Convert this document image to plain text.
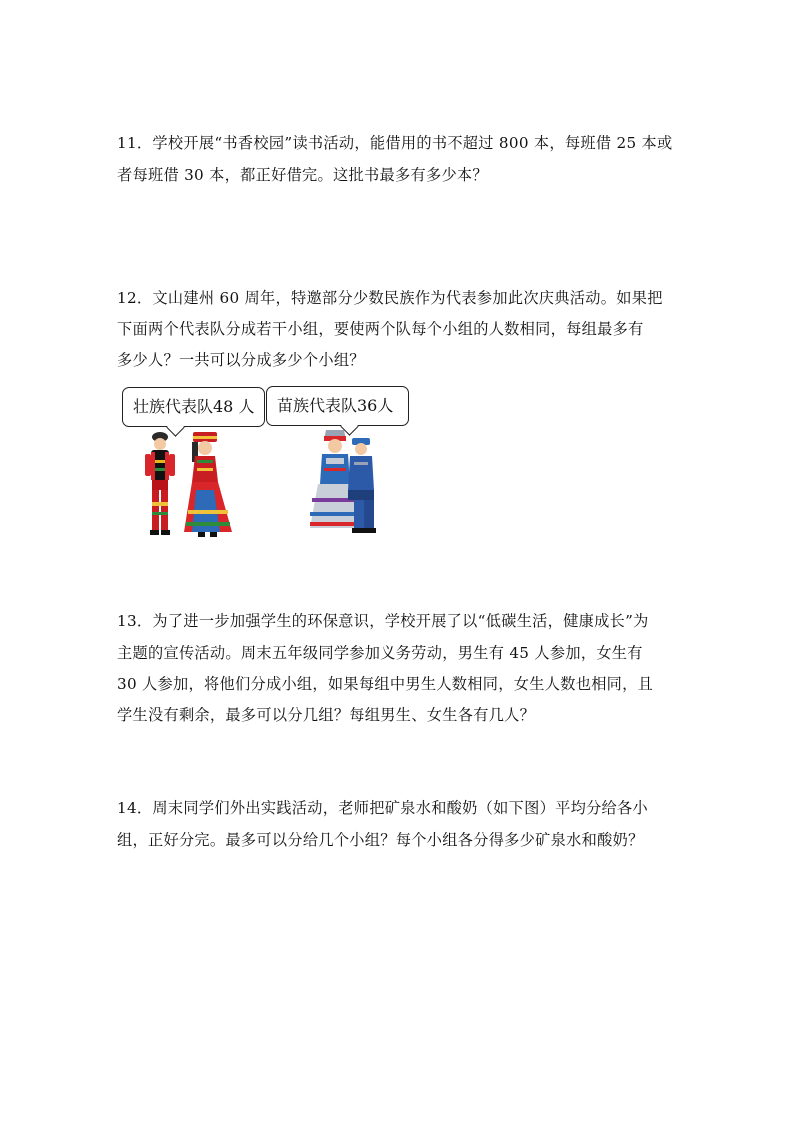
11．学校开展“书香校园”读书活动，能借用的书不超过 800 本，每班借 25 本或
者每班借 30 本，都正好借完。这批书最多有多少本？
12．文山建州 60 周年，特邀部分少数民族作为代表参加此次庆典活动。如果把
下面两个代表队分成若干小组，要使两个队每个小组的人数相同，每组最多有
多少人？一共可以分成多少个小组？
壮族代表队48 人	苗族代表队36人
13．为了进一步加强学生的环保意识，学校开展了以“低碳生活，健康成长”为
主题的宣传活动。周末五年级同学参加义务劳动，男生有 45 人参加，女生有
30 人参加，将他们分成小组，如果每组中男生人数相同，女生人数也相同，且
学生没有剩余，最多可以分几组？每组男生、女生各有几人？
14．周末同学们外出实践活动，老师把矿泉水和酸奶（如下图）平均分给各小
组，正好分完。最多可以分给几个小组？每个小组各分得多少矿泉水和酸奶？
